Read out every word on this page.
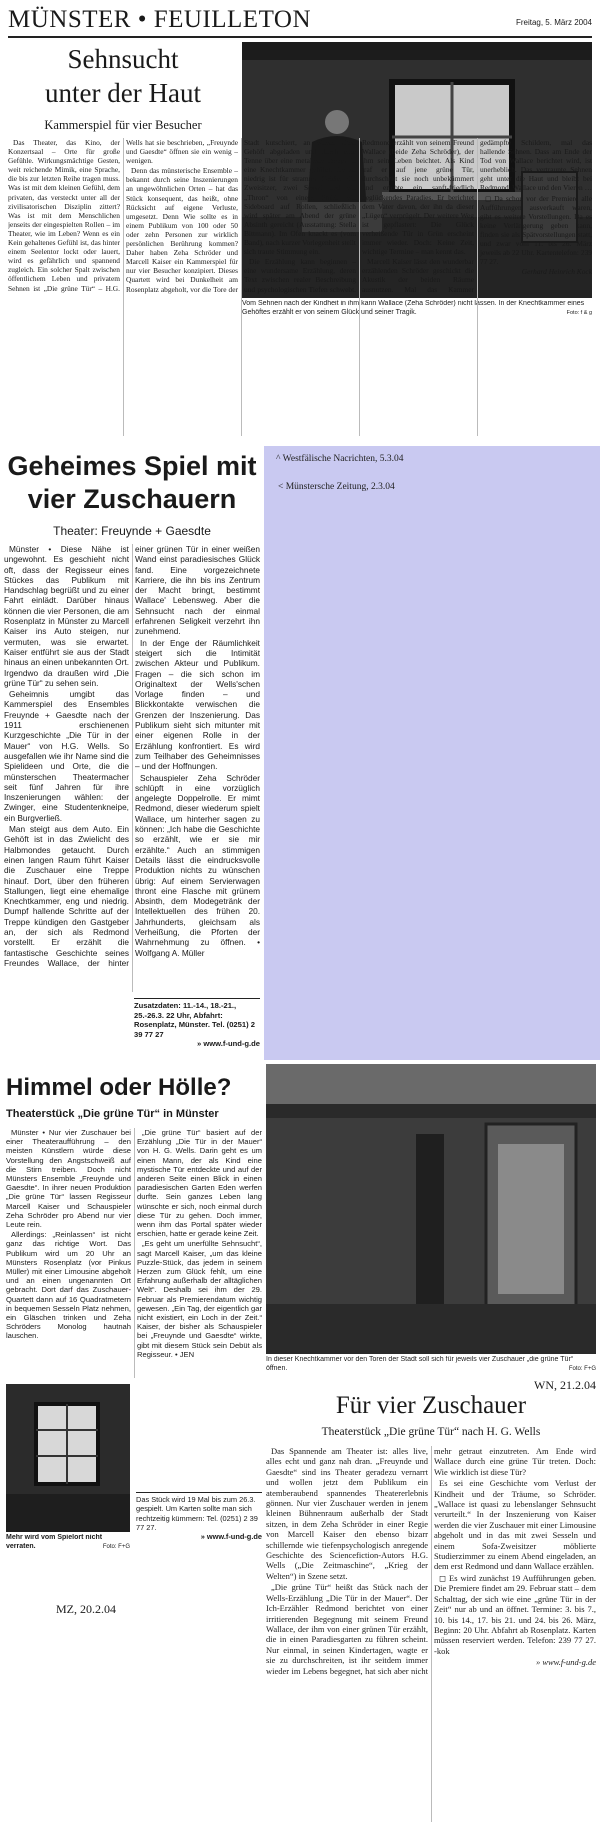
MÜNSTER • FEUILLETON	Freitag, 5. März 2004
Sehnsucht
unter der Haut
Kammerspiel für vier Besucher
Vom Sehnen nach der Kindheit in ihm kann Wallace (Zeha Schröder) nicht lassen. In der Knechtkammer eines Gehöftes erzählt er von seinem Glück und seiner Tragik.	Foto: f & g

Das Theater, das Kino, der Konzertsaal – Orte für große Gefühle. Wirkungsmächtige Gesten, weit reichende Mimik, eine Sprache, die bis zur letzten Reihe tragen muss. Was ist mit dem kleinen Gefühl, dem privaten, das versteckt unter all der zivilisatorischen Disziplin zittert? Was ist mit dem Menschlichen jenseits der eingespielten Rollen – im Theater, wie im Leben? Wenn es ein Kein gehaltenes Gefühl ist, das hinter einem Seelentor lockt oder lauert, wird es gefährlich und spannend zugleich. Ein solcher Spalt zwischen öffentlichem Leben und privatem Sehnen ist „Die grüne Tür“ – H.G. Wells hat sie beschrieben, „Freuynde und Gaesdte“ öffnen sie ein wenig – wenigen.

Denn das münsterische Ensemble – bekannt durch seine Inszenierungen an ungewöhnlichen Orten – hat das Stück konsequent, das heißt, ohne Rücksicht auf eigene Verluste, umgesetzt. Denn Wie sollte es in einem Publikum von 100 oder 50 oder zehn Personen zur wirklich persönlichen Berührung kommen? Daher haben Zeha Schröder und Marcell Kaiser ein Kammerspiel für nur vier Besucher konzipiert. Dieses Quartett wird bei Dunkelheit am Rosenplatz abgeholt, vor die Tore der Stadt kutschiert, an einem alten Gehöft abgeladen und durch eine Tenne über eine metallene Treppe in eine Knechtkammer geführt, die zu niedrig ist für stramme Größe. Ein Zweisitzer, zwei Sessel und ein „Thron“ von einem Stuhl, ein Sideboard auf Rollen, schließlich wird später am Abend der grüne Absinth gereicht (Ausstattung: Stella Bittmann). Im Ofen knackt es (vom Band), nach kurzer Vorlegenheit stellt sich traute Stimmung ein.

Die Erzählung kann beginnen – eine wundersame Erzählung, deren Text zwischen realer Beschreibung und psychologischen Tiefen schwebt. Redmond erzählt von seinem Freund Wallace (beide Zeha Schröder), der ihm sein Leben beichtet. Als Kind traf er auf jene grüne Tür, durchschritt sie noch unbekümmert und erlebte ein sanft-friedlich beglückendes Paradies. Er berichtet dem Vater davon, der ihn da dieser „Lügen“ verprügelt. Der weitere Weg ist gepflastert: Die Glück verheißende Tür in Grün erscheint immer wieder. Doch: Keine Zeit, wichtige Termine – man kennt das.

Marcell Kaiser lässt den wunderbar erzählenden Schröder geschickt die Akustik der beiden Räume ausnutzen. Mal das Kammer gedämpfte Schildern, mal das hallende Sehnen. Dass am Ende der Tod von Wallace berichtet wird, ist unerheblich. Das vertraunte Sehnen geht unter die Haut und bleibt bei Redmond, Wallace und den Vieren …

◻ Da schon vor der Premiere alle Aufführungen ausverkauft waren, gibt es weitere Vorstellungen. Da es keine Verlängerung geben kann, finden sie als Spätvorstellungen statt, und zwar vom 11. bis 26. März jeweils ab 22 Uhr. Kartentelefon: 239 77 27.

Gerhard Heinrich Kock

^ Westfälische Nacrichten, 5.3.04
< Münstersche Zeitung, 2.3.04
Geheimes Spiel mit
vier Zuschauern
Theater: Freuynde + Gaesdte

Münster • Diese Nähe ist ungewohnt. Es geschieht nicht oft, dass der Regisseur eines Stückes das Publikum mit Handschlag begrüßt und zu einer Fahrt einlädt. Darüber hinaus können die vier Personen, die am Rosenplatz in Münster zu Marcell Kaiser ins Auto steigen, nur vermuten, was sie erwartet. Kaiser entführt sie aus der Stadt hinaus an einen unbekannten Ort. Irgendwo da draußen wird „Die grüne Tür“ zu sehen sein.

Geheimnis umgibt das Kammerspiel des Ensembles Freuynde + Gaesdte nach der 1911 erschienenen Kurzgeschichte „Die Tür in der Mauer“ von H.G. Wells. So ausgefallen wie ihr Name sind die Spielideen und Orte, die die münsterschen Theatermacher seit fünf Jahren für ihre Inszenierungen wählen: der Zwinger, eine Studentenkneipe, ein Burgverließ.

Man steigt aus dem Auto. Ein Gehöft ist in das Zwielicht des Halbmondes getaucht. Durch einen langen Raum führt Kaiser die Zuschauer eine Treppe hinauf. Dort, über den früheren Stallungen, liegt eine ehemalige Knechtkammer, eng und niedrig. Dumpf hallende Schritte auf der Treppe kündigen den Gastgeber an, der sich als Redmond vorstellt. Er erzählt die fantastische Geschichte seines Freundes Wallace, der hinter einer grünen Tür in einer weißen Wand einst paradiesisches Glück fand. Eine vorgezeichnete Karriere, die ihn bis ins Zentrum der Macht bringt, bestimmt Wallace' Lebensweg. Aber die Sehnsucht nach der einmal erfahrenen Seligkeit verzehrt ihn zunehmend.

In der Enge der Räumlichkeit steigert sich die Intimität zwischen Akteur und Publikum. Fragen – die sich schon im Originaltext der Wells'schen Vorlage finden – und Blickkontakte verwischen die Grenzen der Inszenierung. Das Publikum sieht sich mitunter mit einer eigenen Rolle in der Erzählung konfrontiert. Es wird zum Teilhaber des Geheimnisses – und der Hoffnungen.

Schauspieler Zeha Schröder schlüpft in eine vorzüglich angelegte Doppelrolle. Er mimt Redmond, dieser wiederum spielt Wallace, um hinterher sagen zu können: „Ich habe die Geschichte so erzählt, wie er sie mir erzählte.“ Auch an stimmigen Details lässt die eindrucksvolle Produktion nichts zu wünschen übrig: Auf einem Servierwagen thront eine Flasche mit grünem Absinth, dem Modegetränk der Intellektuellen des frühen 20. Jahrhunderts, gleichsam als Verheißung, die Pforten der Wahrnehmung zu öffnen. • Wolfgang A. Müller

Zusatzdaten: 11.-14., 18.-21., 25.-26.3. 22 Uhr, Abfahrt: Rosenplatz, Münster. Tel. (0251) 2 39 77 27
» www.f-und-g.de
Himmel oder Hölle?
Theaterstück „Die grüne Tür“ in Münster

Münster • Nur vier Zuschauer bei einer Theateraufführung – den meisten Künstlern würde diese Vorstellung den Angstschweiß auf die Stirn treiben. Doch nicht Münsters Ensemble „Freuynde und Gaesdte“. In ihrer neuen Produktion „Die grüne Tür“ lassen Regisseur Marcell Kaiser und Schauspieler Zeha Schröder pro Abend nur vier Leute rein.

Allerdings: „Reinlassen“ ist nicht ganz das richtige Wort. Das Publikum wird um 20 Uhr an Münsters Rosenplatz (vor Pinkus Müller) mit einer Limousine abgeholt und an einen ungenannten Ort gebracht. Dort darf das Zuschauer-Quartett dann auf 16 Quadratmetern in bequemen Sesseln Platz nehmen, ein Gläschen trinken und Zeha Schröders Monolog hautnah lauschen.

„Die grüne Tür“ basiert auf der Erzählung „Die Tür in der Mauer“ von H. G. Wells. Darin geht es um einen Mann, der als Kind eine mystische Tür entdeckte und auf der anderen Seite einen Blick in einen paradiesischen Garten Eden werfen durfte. Sein ganzes Leben lang wünschte er sich, noch einmal durch diese Tür zu gehen. Doch immer, wenn ihm das Portal später wieder erschien, hatte er gerade keine Zeit.

„Es geht um unerfüllte Sehnsucht“, sagt Marcell Kaiser, „um das kleine Puzzle-Stück, das jedem in seinem Herzen zum Glück fehlt, um eine Erfahrung außerhalb der alltäglichen Welt“. Deshalb sei ihm der 29. Februar als Premierendatum wichtig gewesen. „Ein Tag, der eigentlich gar nicht existiert, ein Loch in der Zeit.“ Kaiser, der bisher als Schauspieler bei „Freuynde und Gaesdte“ wirkte, gibt mit diesem Stück sein Debüt als Regisseur. • JEN

Mehr wird vom Spielort nicht verraten.	Foto: F+G
Das Stück wird 19 Mal bis zum 26.3. gespielt. Um Karten sollte man sich rechtzeitig kümmern: Tel. (0251) 2 39 77 27.
» www.f-und-g.de
MZ, 20.2.04
In dieser Knechtkammer vor den Toren der Stadt soll sich für jeweils vier Zuschauer „die grüne Tür“ öffnen.	Foto: F+G
WN, 21.2.04
Für vier Zuschauer
Theaterstück „Die grüne Tür“ nach H. G. Wells

Das Spannende am Theater ist: alles live, alles echt und ganz nah dran. „Freuynde und Gaesdte“ sind ins Theater geradezu vernarrt und wollen jetzt dem Publikum ein atemberaubend spannendes Theatererlebnis gönnen. Nur vier Zuschauer werden in jenem kleinen Bühnenraum außerhalb der Stadt sitzen, in dem Zeha Schröder in einer Regie von Marcell Kaiser den ebenso bizarr schillernde wie tiefenpsychologisch anregende Geschichte des Sciencefiction-Autors H.G. Wells („Die Zeitmaschine“, „Krieg der Welten“) in Szene setzt.

„Die grüne Tür“ heißt das Stück nach der Wells-Erzählung „Die Tür in der Mauer“. Der Ich-Erzähler Redmond berichtet von einer irritierenden Begegnung mit seinem Freund Wallace, der ihm von einer grünen Tür erzählt, die in einen Paradiesgarten zu führen scheint. Nur einmal, in seinen Kindertagen, wagte er sie zu durchschreiten, ist ihr seitdem immer wieder im Lebens begegnet, hat sich aber nicht mehr getraut einzutreten. Am Ende wird Wallace durch eine grüne Tür treten. Doch: Wie wirklich ist diese Tür?

Es sei eine Geschichte vom Verlust der Kindheit und der Träume, so Schröder. „Wallace ist quasi zu lebenslanger Sehnsucht verurteilt.“ In der Inszenierung von Kaiser werden die vier Zuschauer mit einer Limousine abgeholt und in das mit zwei Sesseln und einem Sofa-Zweisitzer möblierte Studierzimmer zu einem Abend eingeladen, an dem erst Redmond und dann Wallace erzählen.

◻ Es wird zunächst 19 Aufführungen geben. Die Premiere findet am 29. Februar statt – dem Schalttag, der sich wie eine „grüne Tür in der Zeit“ nur ab und an öffnet. Termine: 3. bis 7., 10. bis 14., 17. bis 21. und 24. bis 26. März, Beginn: 20 Uhr. Abfahrt ab Rosenplatz. Karten müssen reserviert werden. Telefon: 239 77 27. -kok

» www.f-und-g.de
